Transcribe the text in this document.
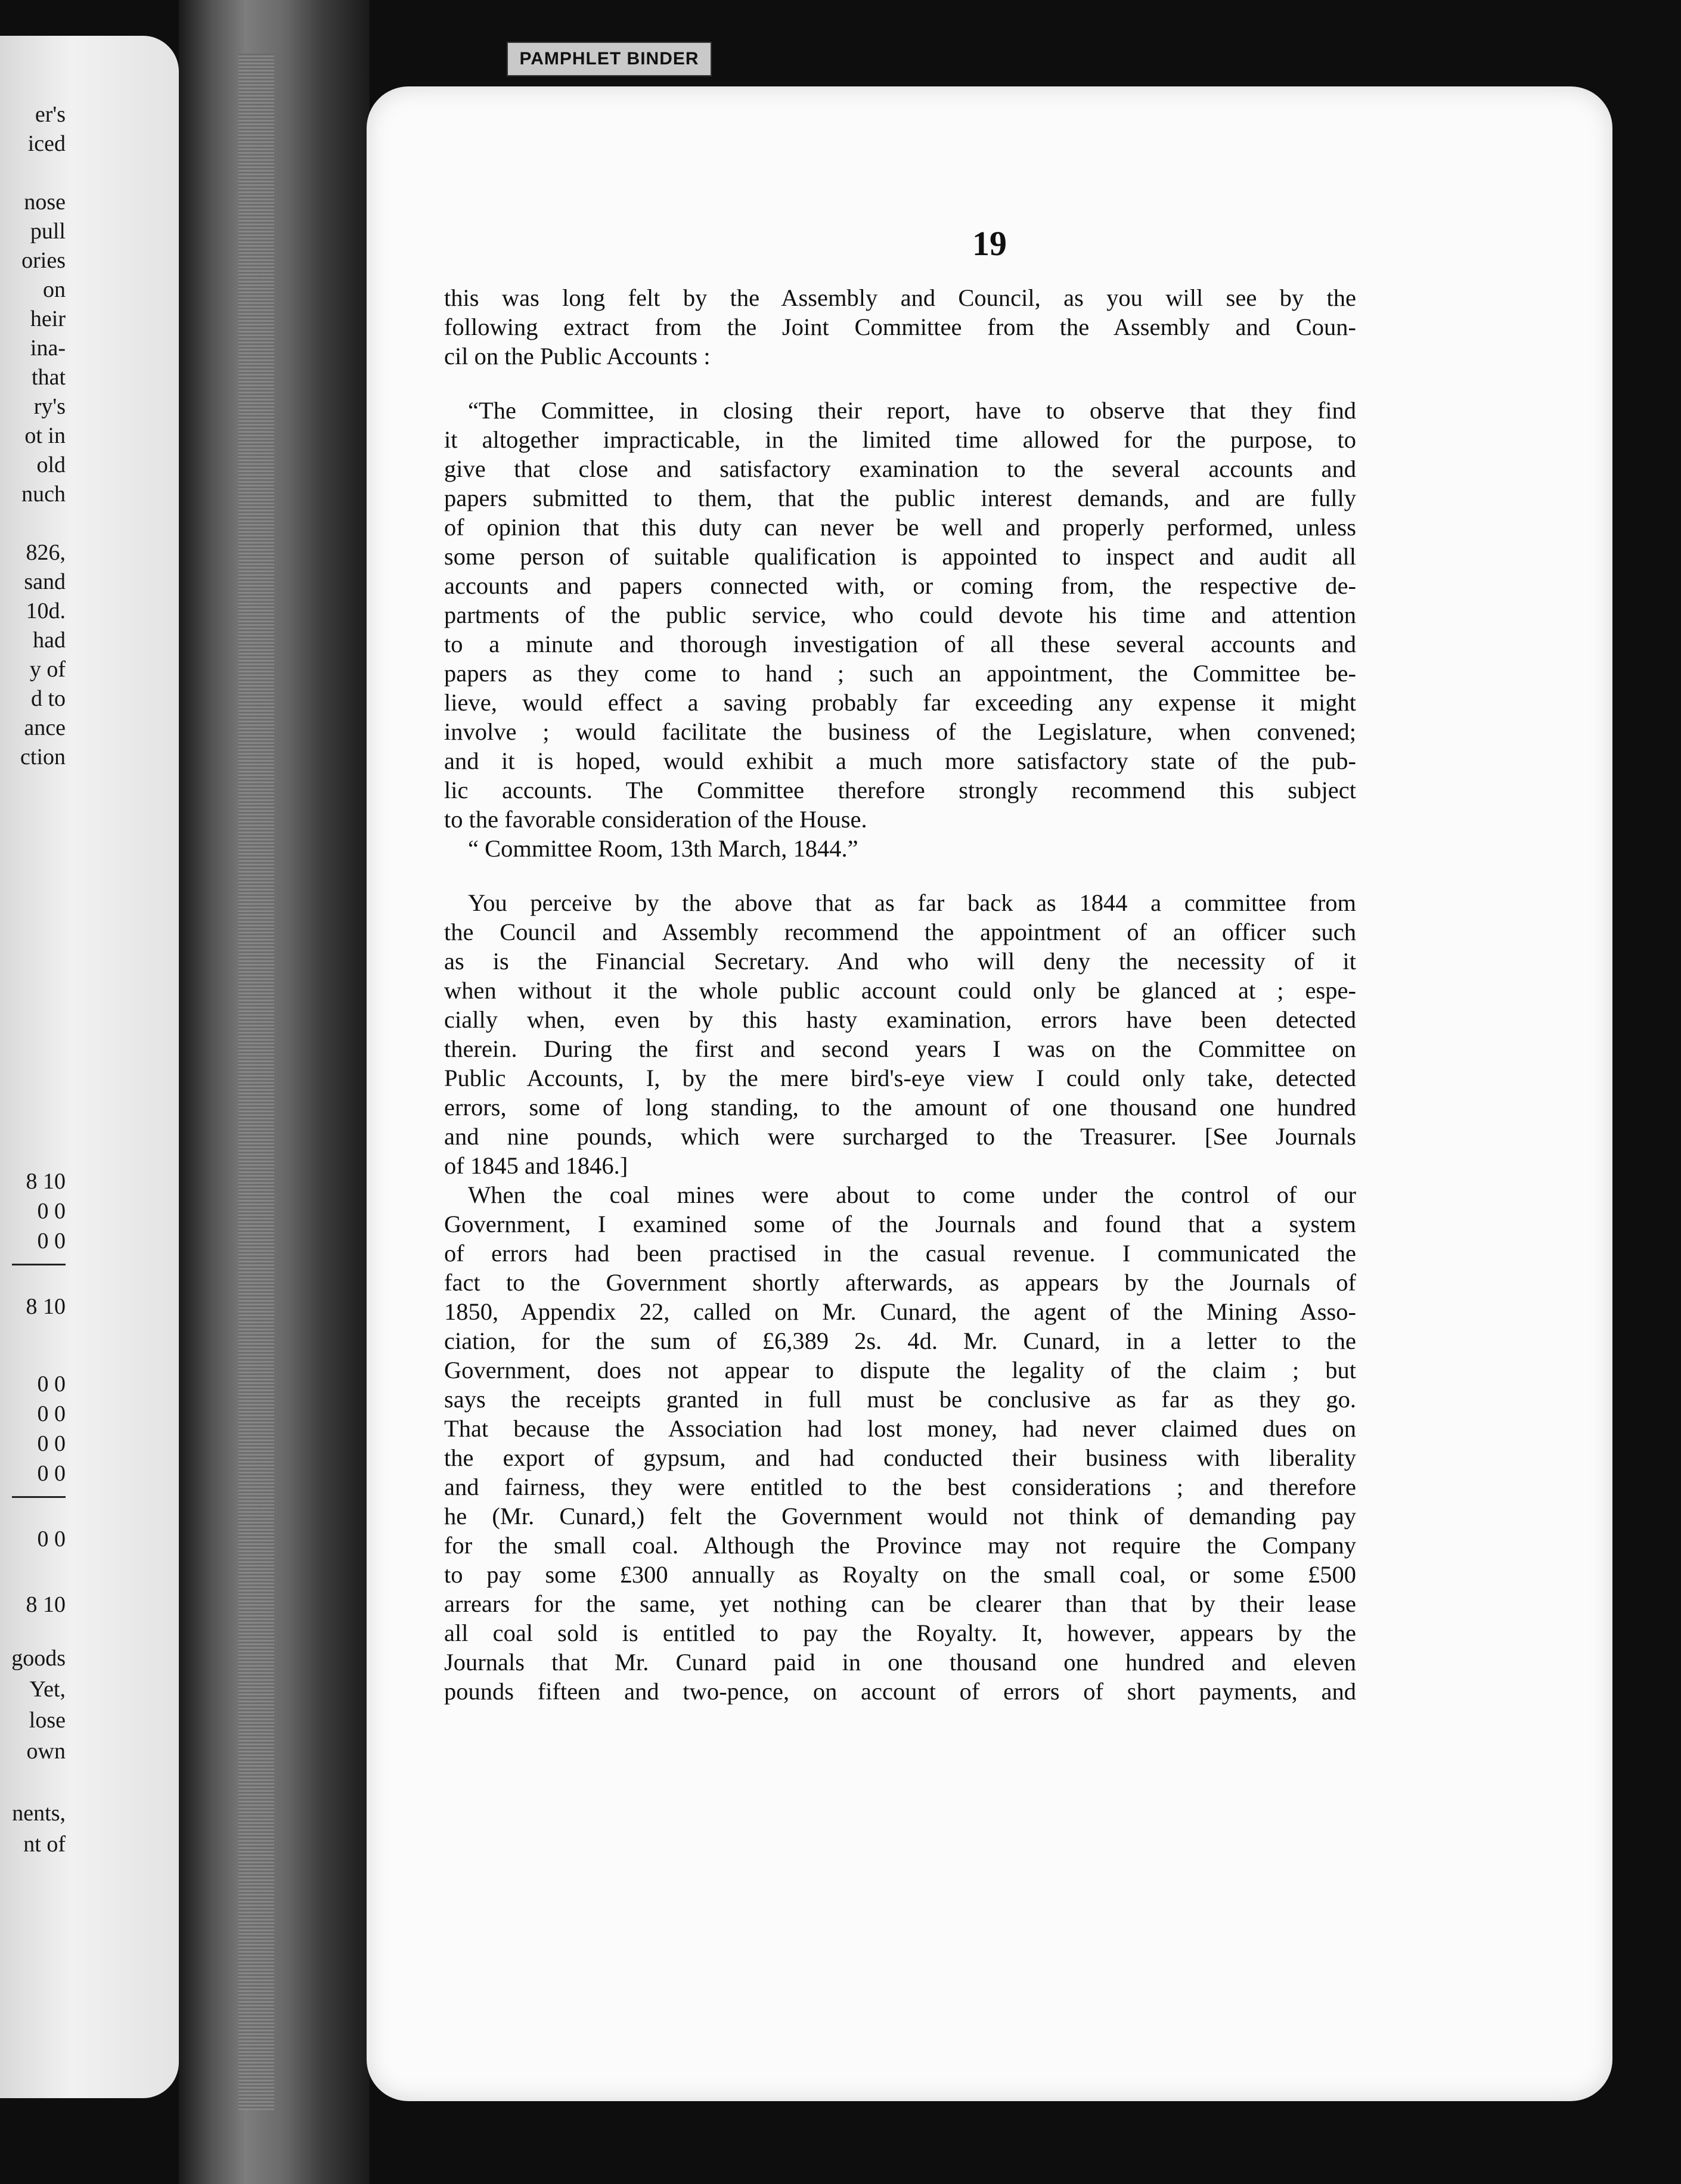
er's
iced
nose
pull
ories
on
heir
ina-
that
ry's
ot in
old
nuch
826,
sand
10d.
had
y of
d to
ance
ction
8 10
0 0
0 0
8 10
0 0
0 0
0 0
0 0
0 0
8 10
goods
Yet,
lose
own
nents,
nt of
PAMPHLET BINDER
19
this was long felt by the Assembly and Council, as you will see by the
following extract from the Joint Committee from the Assembly and Coun-
cil on the Public Accounts :
“The Committee, in closing their report, have to observe that they find
it altogether impracticable, in the limited time allowed for the purpose, to
give that close and satisfactory examination to the several accounts and
papers submitted to them, that the public interest demands, and are fully
of opinion that this duty can never be well and properly performed, unless
some person of suitable qualification is appointed to inspect and audit all
accounts and papers connected with, or coming from, the respective de-
partments of the public service, who could devote his time and attention
to a minute and thorough investigation of all these several accounts and
papers as they come to hand ; such an appointment, the Committee be-
lieve, would effect a saving probably far exceeding any expense it might
involve ; would facilitate the business of the Legislature, when convened;
and it is hoped, would exhibit a much more satisfactory state of the pub-
lic accounts. The Committee therefore strongly recommend this subject
to the favorable consideration of the House.
“ Committee Room, 13th March, 1844.”
You perceive by the above that as far back as 1844 a committee from
the Council and Assembly recommend the appointment of an officer such
as is the Financial Secretary. And who will deny the necessity of it
when without it the whole public account could only be glanced at ; espe-
cially when, even by this hasty examination, errors have been detected
therein. During the first and second years I was on the Committee on
Public Accounts, I, by the mere bird's-eye view I could only take, detected
errors, some of long standing, to the amount of one thousand one hundred
and nine pounds, which were surcharged to the Treasurer. [See Journals
of 1845 and 1846.]
When the coal mines were about to come under the control of our
Government, I examined some of the Journals and found that a system
of errors had been practised in the casual revenue. I communicated the
fact to the Government shortly afterwards, as appears by the Journals of
1850, Appendix 22, called on Mr. Cunard, the agent of the Mining Asso-
ciation, for the sum of £6,389 2s. 4d. Mr. Cunard, in a letter to the
Government, does not appear to dispute the legality of the claim ; but
says the receipts granted in full must be conclusive as far as they go.
That because the Association had lost money, had never claimed dues on
the export of gypsum, and had conducted their business with liberality
and fairness, they were entitled to the best considerations ; and therefore
he (Mr. Cunard,) felt the Government would not think of demanding pay
for the small coal. Although the Province may not require the Company
to pay some £300 annually as Royalty on the small coal, or some £500
arrears for the same, yet nothing can be clearer than that by their lease
all coal sold is entitled to pay the Royalty. It, however, appears by the
Journals that Mr. Cunard paid in one thousand one hundred and eleven
pounds fifteen and two-pence, on account of errors of short payments, and
